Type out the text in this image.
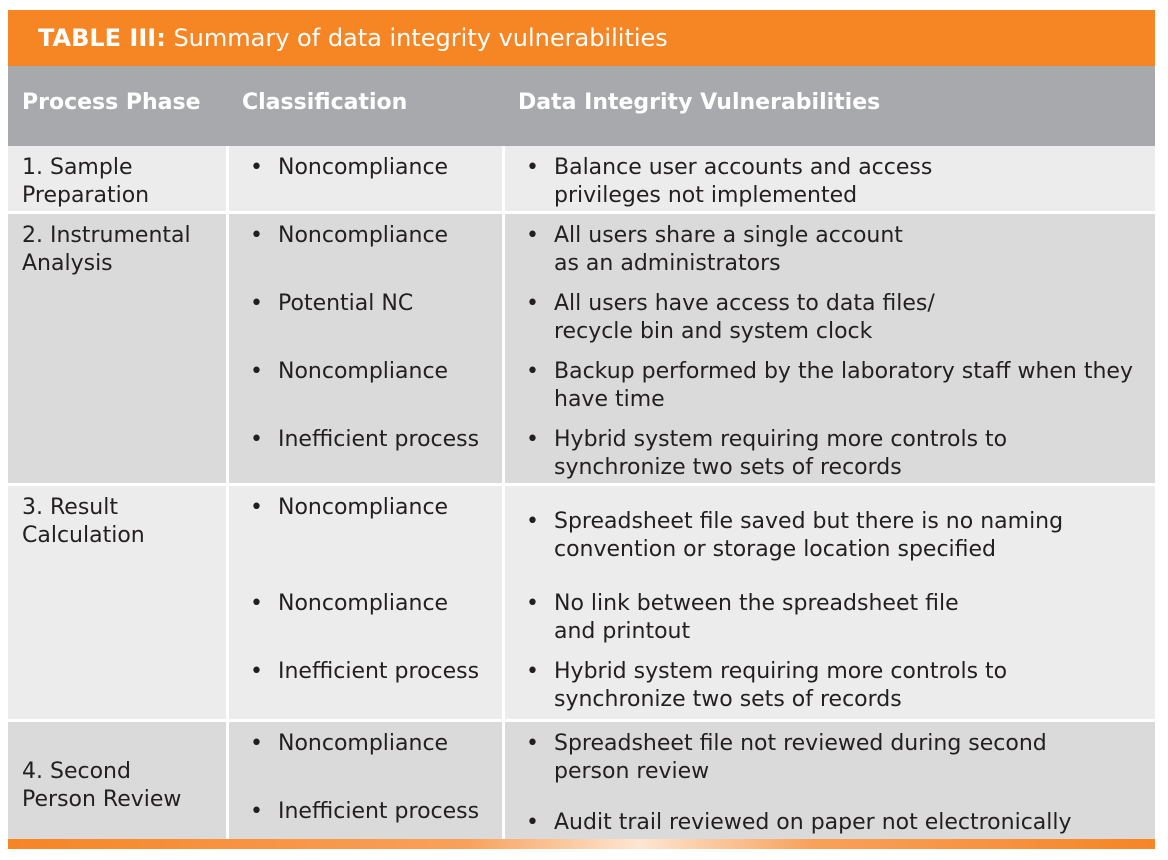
TABLE III: Summary of data integrity vulnerabilities
Process Phase Classification	Data Integrity Vulnerabilities
1. Sample
Preparation
• Noncompliance	• Balance user accounts and access
privileges not implemented
2. Instrumental
Analysis
• Noncompliance
• Potential NC
• Noncompliance
• Inefficient process
• All users share a single account
as an administrators
• All users have access to data files/
recycle bin and system clock
• Backup performed by the laboratory staff when they
have time
• Hybrid system requiring more controls to
synchronize two sets of records
3. Result
Calculation
• Noncompliance
• Noncompliance
• Inefficient process
• Spreadsheet file saved but there is no naming
convention or storage location specified
• No link between the spreadsheet file
and printout
• Hybrid system requiring more controls to
synchronize two sets of records
4. Second
Person Review
• Noncompliance
• Inefficient process
• Spreadsheet file not reviewed during second
person review
• Audit trail reviewed on paper not electronically
